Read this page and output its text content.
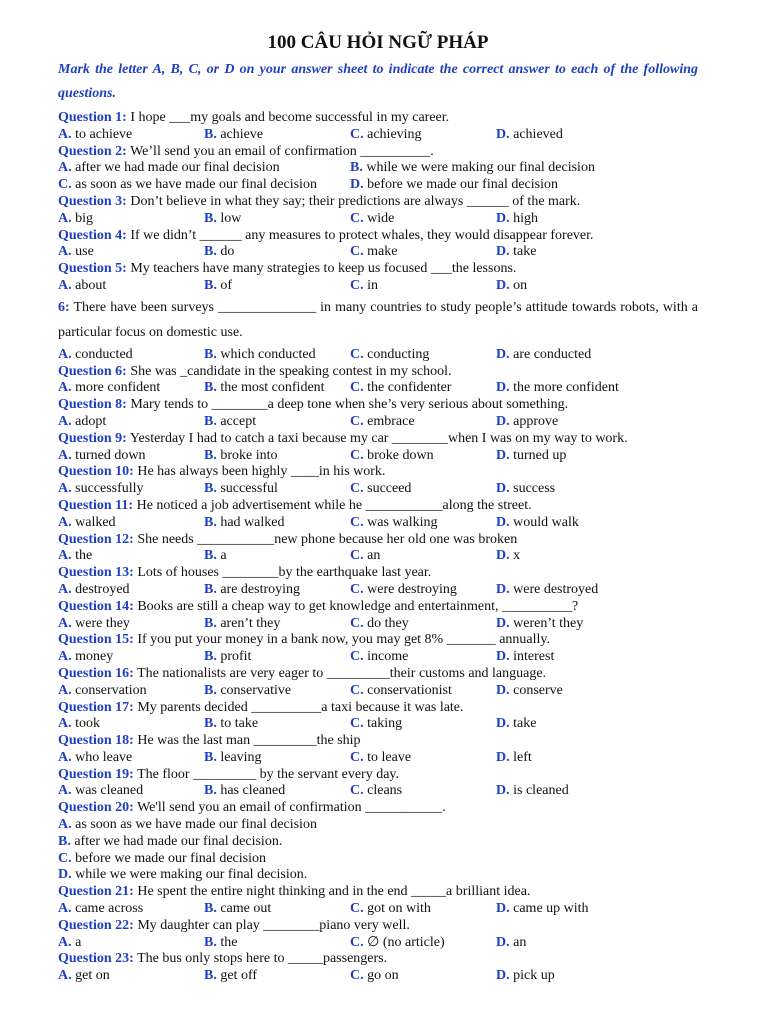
100 CÂU HỎI NGỮ PHÁP
Mark the letter A, B, C, or D on your answer sheet to indicate the correct answer to each of the following questions.
Question 1: I hope ___my goals and become successful in my career.
A. to achieve	B. achieve	C. achieving	D. achieved
Question 2: We’ll send you an email of confirmation __________.
A. after we had made our final decision	B. while we were making our final decision
C. as soon as we have made our final decision D. before we made our final decision
Question 3: Don’t believe in what they say; their predictions are always ______ of the mark.
A. big	B. low	C. wide	D. high
Question 4: If we didn’t ______ any measures to protect whales, they would disappear forever.
A. use	B. do	C. make	D. take
Question 5: My teachers have many strategies to keep us focused ___the lessons.
A. about	B. of	C. in	D. on
6: There have been surveys ______________ in many countries to study people’s attitude towards robots, with a particular focus on domestic use.
A. conducted	B. which conducted C. conducting	D. are conducted
Question 6: She was _candidate in the speaking contest in my school.
A. more confident	B. the most confident C. the confidenter	D. the more confident
Question 8: Mary tends to ________a deep tone when she’s very serious about something.
A. adopt	B. accept	C. embrace	D. approve
Question 9: Yesterday I had to catch a taxi because my car ________when I was on my way to work.
A. turned down	B. broke into	C. broke down	D. turned up
Question 10: He has always been highly ____in his work.
A. successfully	B. successful	C. succeed	D. success
Question 11: He noticed a job advertisement while he ___________along the street.
A. walked	B. had walked	C. was walking	D. would walk
Question 12: She needs ___________new phone because her old one was broken
A. the	B. a	C. an	D. x
Question 13: Lots of houses ________by the earthquake last year.
A. destroyed	B. are destroying	C. were destroying	D. were destroyed
Question 14: Books are still a cheap way to get knowledge and entertainment, __________?
A. were they	B. aren’t they	C. do they	D. weren’t they
Question 15: If you put your money in a bank now, you may get 8% _______ annually.
A. money	B. profit	C. income	D. interest
Question 16: The nationalists are very eager to _________their customs and language.
A. conservation	B. conservative	C. conservationist	D. conserve
Question 17: My parents decided __________a taxi because it was late.
A. took	B. to take	C. taking	D. take
Question 18: He was the last man _________the ship
A. who leave	B. leaving	C. to leave	D. left
Question 19: The floor _________ by the servant every day.
A. was cleaned	B. has cleaned	C. cleans	D. is cleaned
Question 20: We'll send you an email of confirmation ___________.
A. as soon as we have made our final decision
B. after we had made our final decision.
C. before we made our final decision
D. while we were making our final decision.
Question 21: He spent the entire night thinking and in the end _____a brilliant idea.
A. came across	B. came out	C. got on with	D. came up with
Question 22: My daughter can play ________piano very well.
A. a	B. the	C. ∅ (no article)	D. an
Question 23: The bus only stops here to _____passengers.
A. get on	B. get off	C. go on	D. pick up
